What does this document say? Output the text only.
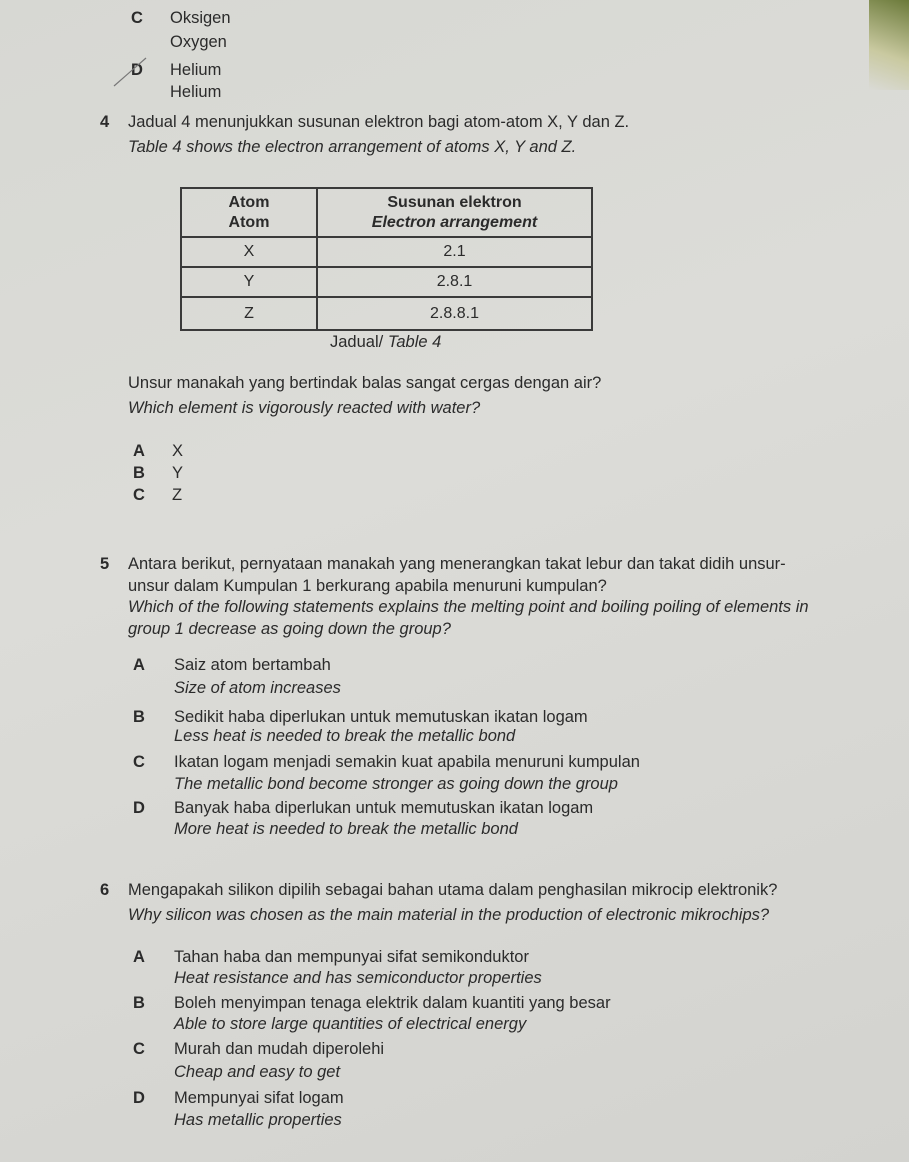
C Oksigen
Oxygen
D Helium
Helium
4 Jadual 4 menunjukkan susunan elektron bagi atom-atom X, Y dan Z.
Table 4 shows the electron arrangement of atoms X, Y and Z.
Atom
Atom	Susunan elektron
Electron arrangement
X	2.1
Y	2.8.1
Z	2.8.8.1
Jadual/ Table 4
Unsur manakah yang bertindak balas sangat cergas dengan air?
Which element is vigorously reacted with water?
A X
B Y
C Z
5 Antara berikut, pernyataan manakah yang menerangkan takat lebur dan takat didih unsur-
unsur dalam Kumpulan 1 berkurang apabila menuruni kumpulan?
Which of the following statements explains the melting point and boiling poiling of elements in
group 1 decrease as going down the group?
A Saiz atom bertambah
Size of atom increases
B Sedikit haba diperlukan untuk memutuskan ikatan logam
Less heat is needed to break the metallic bond
C Ikatan logam menjadi semakin kuat apabila menuruni kumpulan
The metallic bond become stronger as going down the group
D Banyak haba diperlukan untuk memutuskan ikatan logam
More heat is needed to break the metallic bond
6 Mengapakah silikon dipilih sebagai bahan utama dalam penghasilan mikrocip elektronik?
Why silicon was chosen as the main material in the production of electronic mikrochips?
A Tahan haba dan mempunyai sifat semikonduktor
Heat resistance and has semiconductor properties
B Boleh menyimpan tenaga elektrik dalam kuantiti yang besar
Able to store large quantities of electrical energy
C Murah dan mudah diperolehi
Cheap and easy to get
D Mempunyai sifat logam
Has metallic properties
